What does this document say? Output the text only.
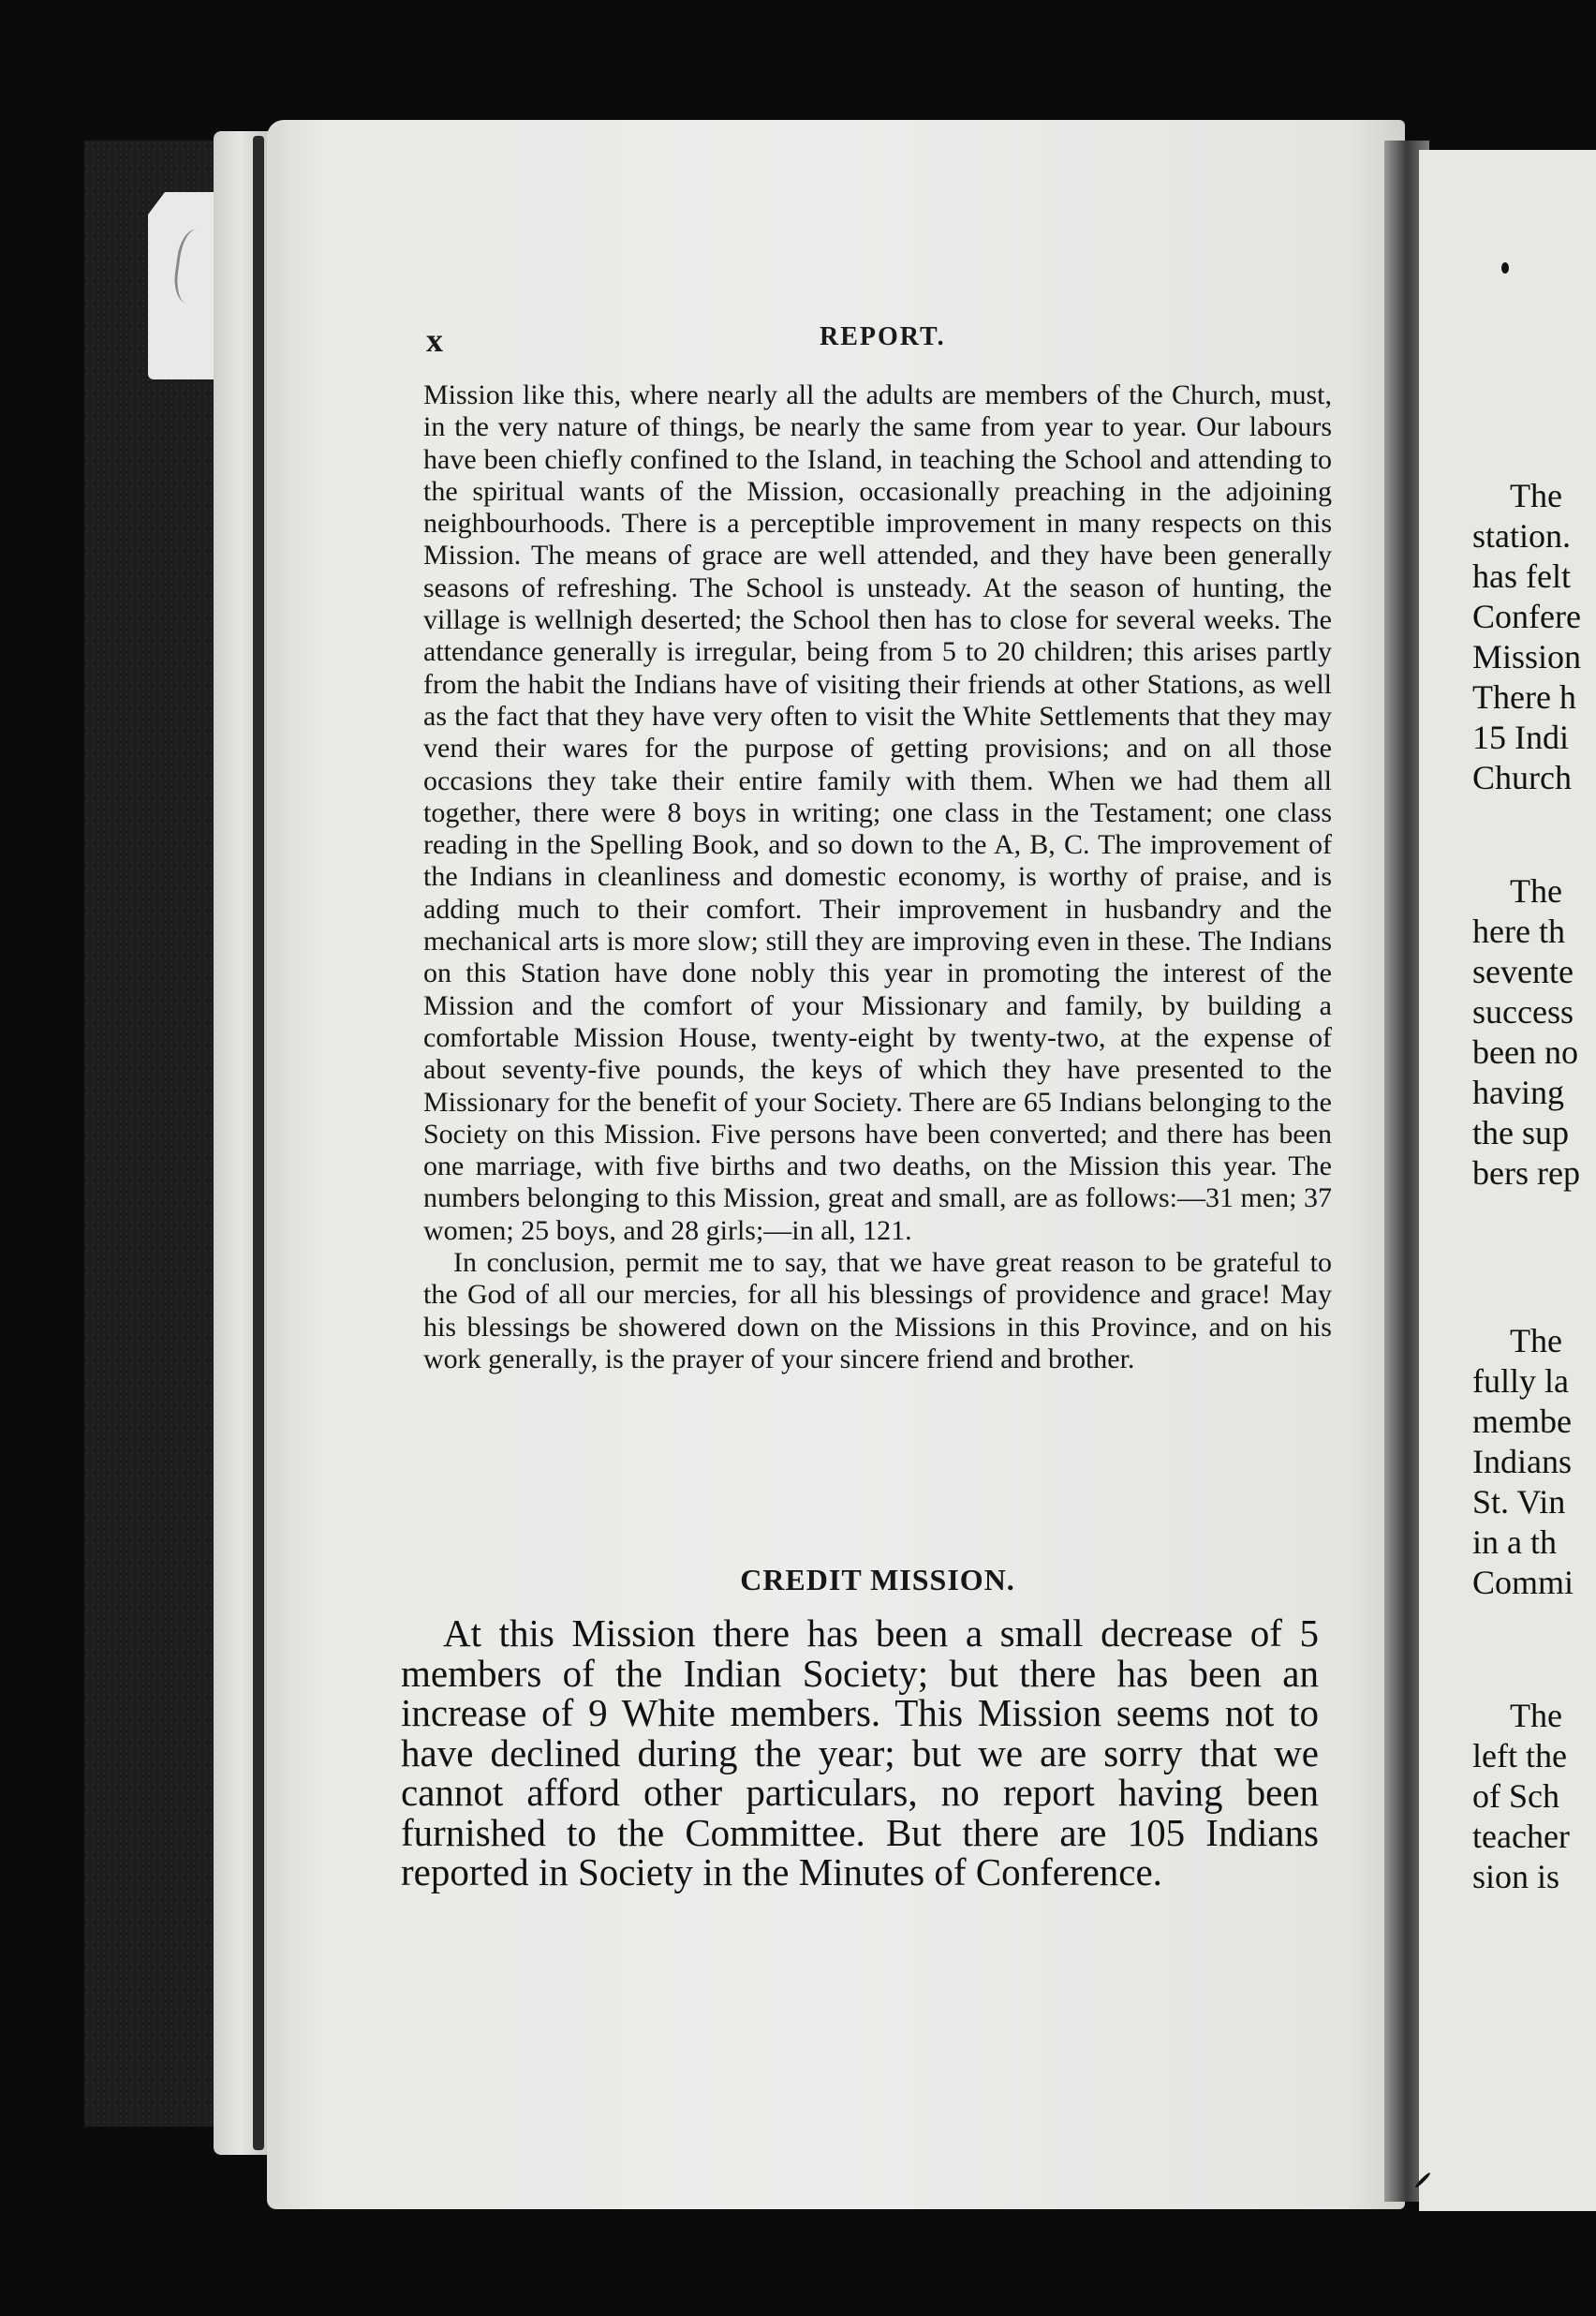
x	REPORT.

Mission like this, where nearly all the adults are members of the Church, must, in the very nature of things, be nearly the same from year to year. Our labours have been chiefly confined to the Island, in teaching the School and attending to the spiritual wants of the Mission, occasionally preaching in the adjoining neighbourhoods. There is a perceptible improvement in many respects on this Mission. The means of grace are well attended, and they have been generally seasons of refreshing. The School is unsteady. At the season of hunting, the village is wellnigh deserted; the School then has to close for several weeks. The attendance generally is irregular, being from 5 to 20 children; this arises partly from the habit the Indians have of visiting their friends at other Stations, as well as the fact that they have very often to visit the White Settlements that they may vend their wares for the purpose of getting provisions; and on all those occasions they take their entire family with them. When we had them all together, there were 8 boys in writing; one class in the Testament; one class reading in the Spelling Book, and so down to the A, B, C. The improvement of the Indians in cleanliness and domestic economy, is worthy of praise, and is adding much to their comfort. Their improvement in husbandry and the mechanical arts is more slow; still they are improving even in these. The Indians on this Station have done nobly this year in promoting the interest of the Mission and the comfort of your Missionary and family, by building a comfortable Mission House, twenty-eight by twenty-two, at the expense of about seventy-five pounds, the keys of which they have presented to the Missionary for the benefit of your Society. There are 65 Indians belonging to the Society on this Mission. Five persons have been converted; and there has been one marriage, with five births and two deaths, on the Mission this year. The numbers belonging to this Mission, great and small, are as follows:—31 men; 37 women; 25 boys, and 28 girls;—in all, 121.

In conclusion, permit me to say, that we have great reason to be grateful to the God of all our mercies, for all his blessings of providence and grace! May his blessings be showered down on the Missions in this Province, and on his work generally, is the prayer of your sincere friend and brother.

CREDIT MISSION.

At this Mission there has been a small decrease of 5 members of the Indian Society; but there has been an increase of 9 White members. This Mission seems not to have declined during the year; but we are sorry that we cannot afford other particulars, no report having been furnished to the Committee. But there are 105 Indians reported in Society in the Minutes of Conference.

The
station.
has felt
Confere
Mission
There h
15 Indi
Church
The
here th
sevente
success
been no
having
the sup
bers rep
The
fully la
membe
Indians
St. Vin
in a th
Commi
The
left the
of Sch
teacher
sion is
